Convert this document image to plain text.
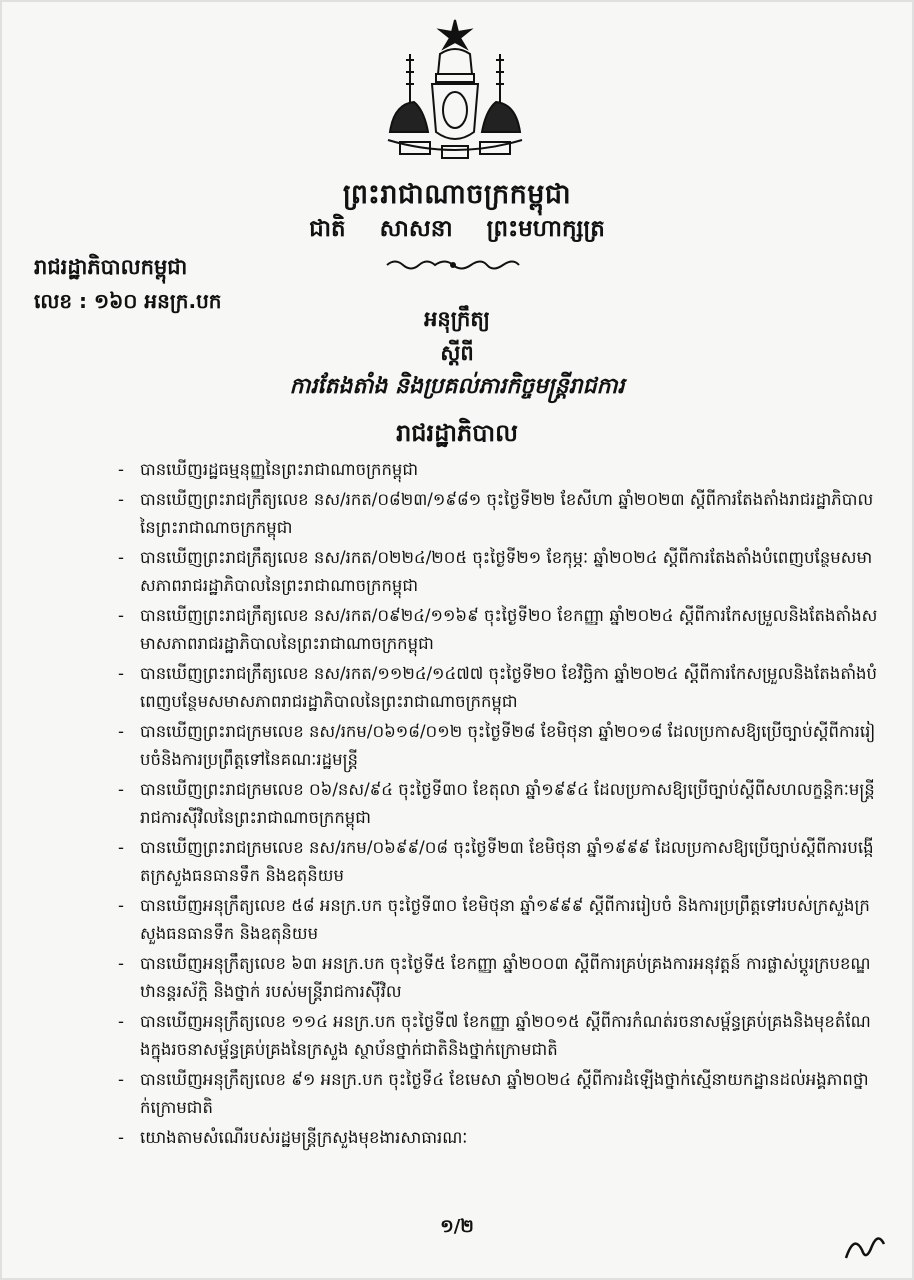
ព្រះរាជាណាចក្រកម្ពុជា
ជាតិ សាសនា ព្រះមហាក្សត្រ
រាជរដ្ឋាភិបាលកម្ពុជា
លេខ : ១៦០ អនក្រ.បក
អនុក្រឹត្យ
ស្តីពី
ការតែងតាំង និងប្រគល់ភារកិច្ចមន្ត្រីរាជការ
រាជរដ្ឋាភិបាល
- បានឃើញរដ្ឋធម្មនុញ្ញនៃព្រះរាជាណាចក្រកម្ពុជា
- បានឃើញព្រះរាជក្រឹត្យលេខ នស/រកត/០៨២៣/១៩៨១ ចុះថ្ងៃទី២២ ខែសីហា ឆ្នាំ២០២៣ ស្តីពីការតែងតាំងរាជរដ្ឋាភិបាលនៃព្រះរាជាណាចក្រកម្ពុជា
- បានឃើញព្រះរាជក្រឹត្យលេខ នស/រកត/០២២៤/២០៥ ចុះថ្ងៃទី២១ ខែកុម្ភៈ ឆ្នាំ២០២៤ ស្តីពីការតែងតាំងបំពេញបន្ថែមសមាសភាពរាជរដ្ឋាភិបាលនៃព្រះរាជាណាចក្រកម្ពុជា
- បានឃើញព្រះរាជក្រឹត្យលេខ នស/រកត/០៩២៤/១១៦៩ ចុះថ្ងៃទី២០ ខែកញ្ញា ឆ្នាំ២០២៤ ស្តីពីការកែសម្រួលនិងតែងតាំងសមាសភាពរាជរដ្ឋាភិបាលនៃព្រះរាជាណាចក្រកម្ពុជា
- បានឃើញព្រះរាជក្រឹត្យលេខ នស/រកត/១១២៤/១៤៧៧ ចុះថ្ងៃទី២០ ខែវិច្ឆិកា ឆ្នាំ២០២៤ ស្តីពីការកែសម្រួលនិងតែងតាំងបំពេញបន្ថែមសមាសភាពរាជរដ្ឋាភិបាលនៃព្រះរាជាណាចក្រកម្ពុជា
- បានឃើញព្រះរាជក្រមលេខ នស/រកម/០៦១៨/០១២ ចុះថ្ងៃទី២៨ ខែមិថុនា ឆ្នាំ២០១៨ ដែលប្រកាសឱ្យប្រើច្បាប់ស្តីពីការរៀបចំនិងការប្រព្រឹត្តទៅនៃគណៈរដ្ឋមន្ត្រី
- បានឃើញព្រះរាជក្រមលេខ ០៦/នស/៩៤ ចុះថ្ងៃទី៣០ ខែតុលា ឆ្នាំ១៩៩៤ ដែលប្រកាសឱ្យប្រើច្បាប់ស្តីពីសហលក្ខន្តិកៈមន្ត្រីរាជការស៊ីវិលនៃព្រះរាជាណាចក្រកម្ពុជា
- បានឃើញព្រះរាជក្រមលេខ នស/រកម/០៦៩៩/០៨ ចុះថ្ងៃទី២៣ ខែមិថុនា ឆ្នាំ១៩៩៩ ដែលប្រកាសឱ្យប្រើច្បាប់ស្តីពីការបង្កើតក្រសួងធនធានទឹក និងឧតុនិយម
- បានឃើញអនុក្រឹត្យលេខ ៥៨ អនក្រ.បក ចុះថ្ងៃទី៣០ ខែមិថុនា ឆ្នាំ១៩៩៩ ស្តីពីការរៀបចំ និងការប្រព្រឹត្តទៅរបស់ក្រសួងក្រសួងធនធានទឹក និងឧតុនិយម
- បានឃើញអនុក្រឹត្យលេខ ៦៣ អនក្រ.បក ចុះថ្ងៃទី៥ ខែកញ្ញា ឆ្នាំ២០០៣ ស្តីពីការគ្រប់គ្រងការអនុវត្តន៍ ការផ្លាស់ប្តូរក្របខណ្ឌ ឋានន្តរស័ក្តិ និងថ្នាក់ របស់មន្ត្រីរាជការស៊ីវិល
- បានឃើញអនុក្រឹត្យលេខ ១១៤ អនក្រ.បក ចុះថ្ងៃទី៧ ខែកញ្ញា ឆ្នាំ២០១៥ ស្តីពីការកំណត់រចនាសម្ព័ន្ធគ្រប់គ្រងនិងមុខតំណែងក្នុងរចនាសម្ព័ន្ធគ្រប់គ្រងនៃក្រសួង ស្ថាប័នថ្នាក់ជាតិនិងថ្នាក់ក្រោមជាតិ
- បានឃើញអនុក្រឹត្យលេខ ៩១ អនក្រ.បក ចុះថ្ងៃទី៤ ខែមេសា ឆ្នាំ២០២៤ ស្តីពីការដំឡើងថ្នាក់ស្មើនាយកដ្ឋានដល់អង្គភាពថ្នាក់ក្រោមជាតិ
- យោងតាមសំណើរបស់រដ្ឋមន្ត្រីក្រសួងមុខងារសាធារណៈ
១/២
